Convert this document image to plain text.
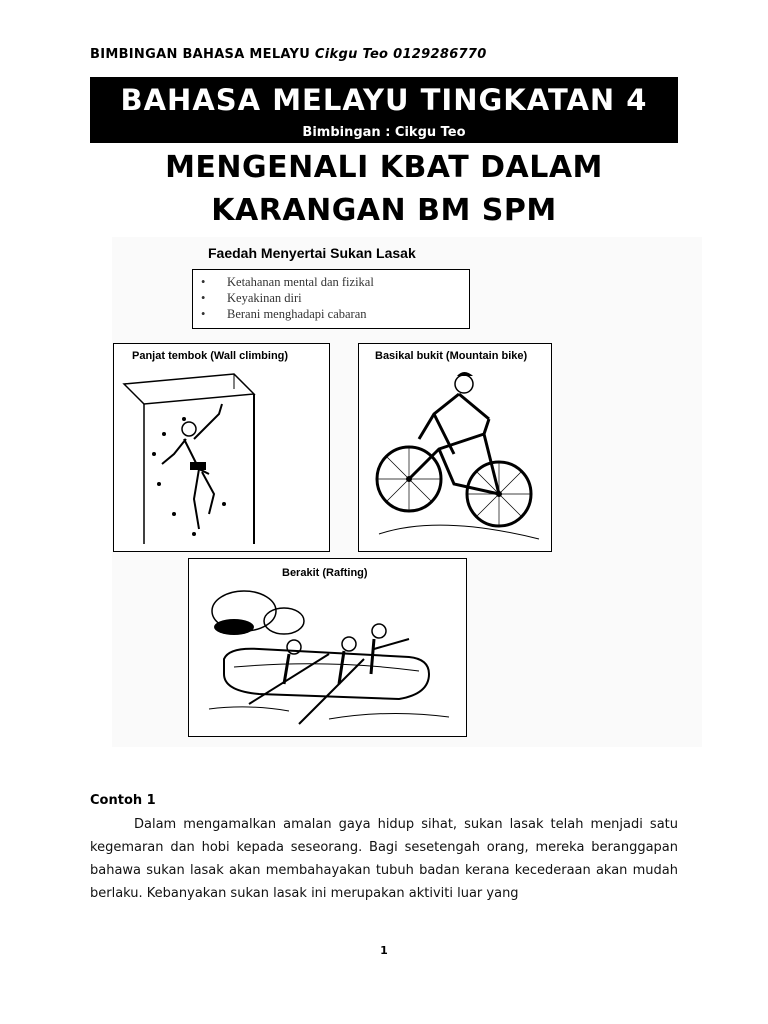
BIMBINGAN BAHASA MELAYU Cikgu Teo 0129286770
BAHASA MELAYU TINGKATAN 4
Bimbingan : Cikgu Teo
MENGENALI KBAT DALAM
KARANGAN BM SPM
Faedah Menyertai Sukan Lasak
• Ketahanan mental dan fizikal
• Keyakinan diri
• Berani menghadapi cabaran
Panjat tembok (Wall climbing)	Basikal bukit (Mountain bike)
Berakit (Rafting)
Contoh 1
Dalam mengamalkan amalan gaya hidup sihat, sukan lasak telah menjadi satu kegemaran dan hobi kepada seseorang. Bagi sesetengah orang, mereka beranggapan bahawa sukan lasak akan membahayakan tubuh badan kerana kecederaan akan mudah berlaku. Kebanyakan sukan lasak ini merupakan aktiviti luar yang
1
